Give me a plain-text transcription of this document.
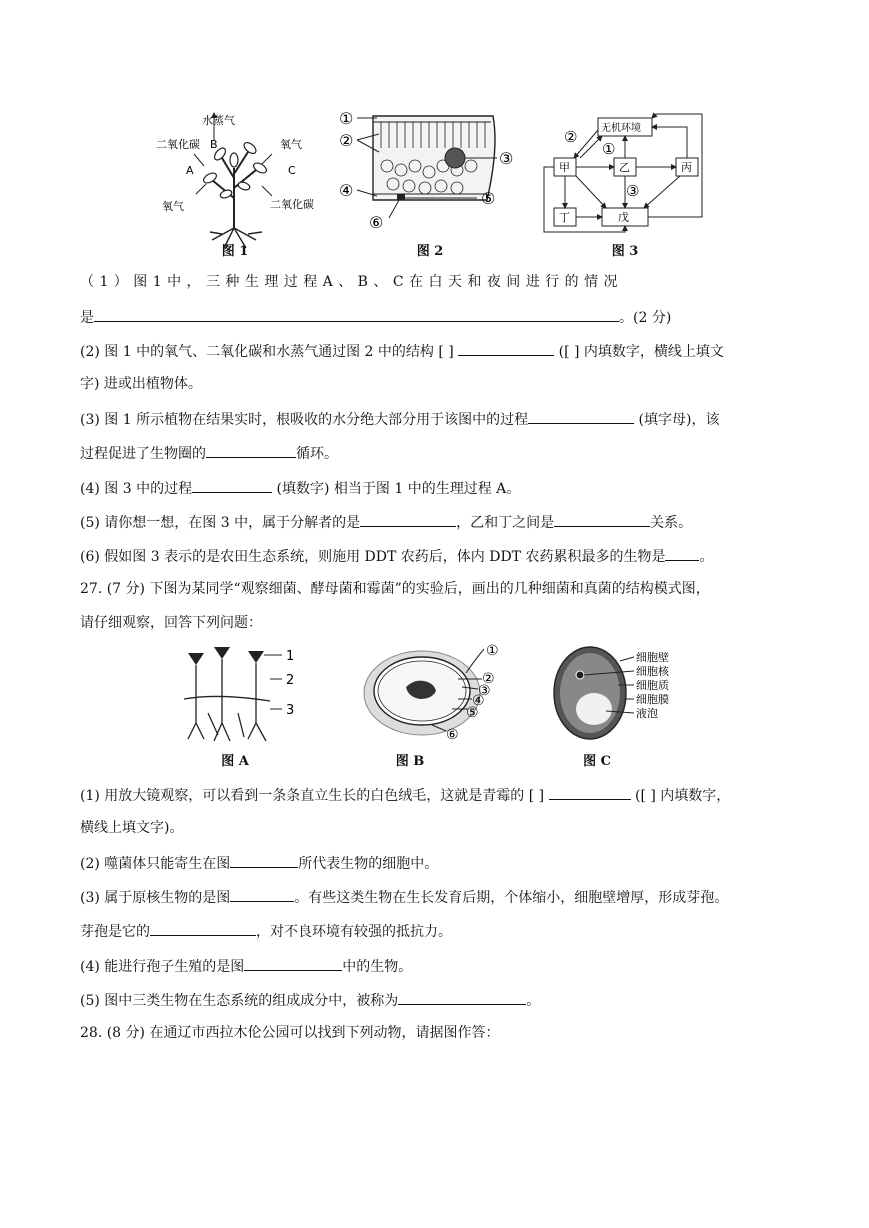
水蒸气
B
二氧化碳	氧气
A	C
氧气	二氧化碳
图 1
①
②
③
④	⑤
⑥
图 2
无机环境
甲	乙	丙
丁	戊
①
②
③
图 3
（ 1 ） 图 1 中 ， 三 种 生 理 过 程 A 、 B 、 C 在 白 天 和 夜 间 进 行 的 情 况
是	。(2 分)
(2) 图 1 中的氧气、二氧化碳和水蒸气通过图 2 中的结构 [ ]	([ ] 内填数字，横线上填文
字) 进或出植物体。
(3) 图 1 所示植物在结果实时，根吸收的水分绝大部分用于该图中的过程	(填字母)，该
过程促进了生物圈的	循环。
(4) 图 3 中的过程	(填数字) 相当于图 1 中的生理过程 A。
(5) 请你想一想，在图 3 中，属于分解者的是	，乙和丁之间是	关系。
(6) 假如图 3 表示的是农田生态系统，则施用 DDT 农药后，体内 DDT 农药累积最多的生物是 。
27. (7 分) 下图为某同学“观察细菌、酵母菌和霉菌”的实验后，画出的几种细菌和真菌的结构模式图，
请仔细观察，回答下列问题：
1
2
3
图 A
①
②
③
④
⑤
⑥
图 B
细胞壁
细胞核
细胞质
细胞膜
液泡
图 C
(1) 用放大镜观察，可以看到一条条直立生长的白色绒毛，这就是青霉的 [ ]	([ ] 内填数字，
横线上填文字)。
(2) 噬菌体只能寄生在图	所代表生物的细胞中。
(3) 属于原核生物的是图	。有些这类生物在生长发育后期，个体缩小，细胞壁增厚，形成芽孢。
芽孢是它的	，对不良环境有较强的抵抗力。
(4) 能进行孢子生殖的是图	中的生物。
(5) 图中三类生物在生态系统的组成成分中，被称为	。
28. (8 分) 在通辽市西拉木伦公园可以找到下列动物，请据图作答：
